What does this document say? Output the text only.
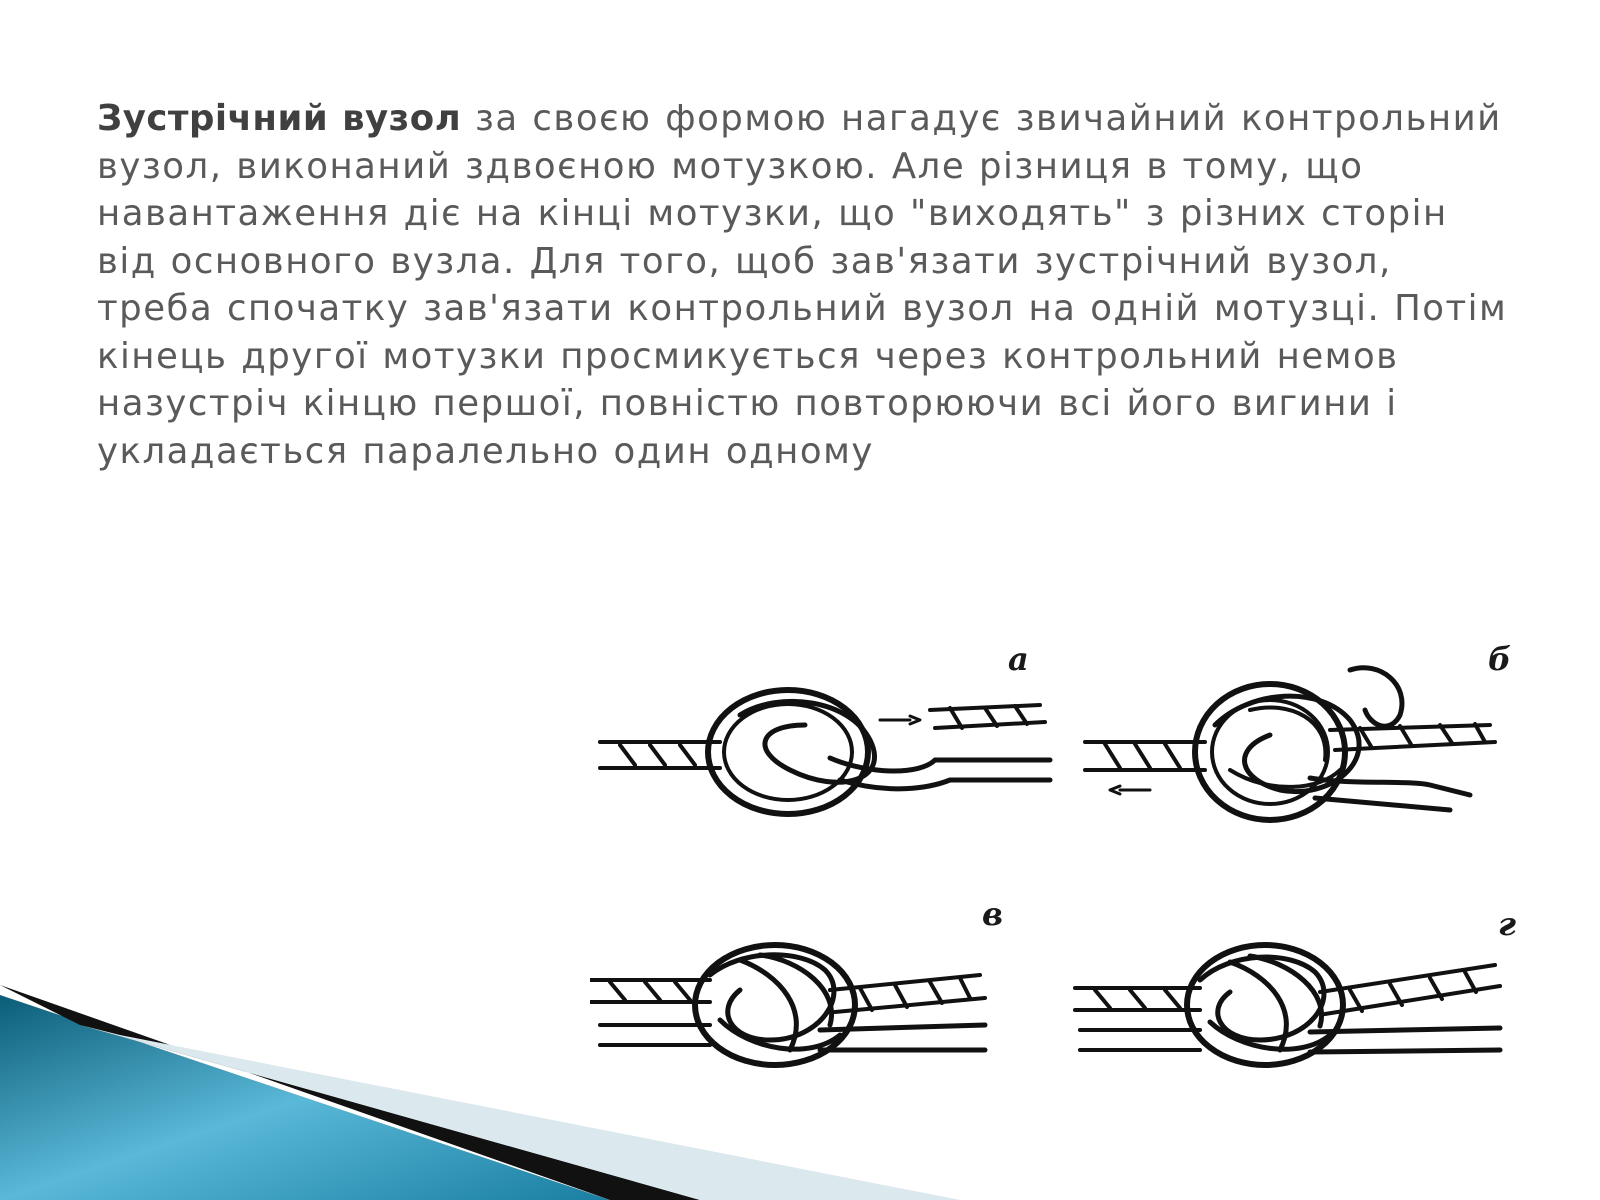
Зустрічний вузол за своєю формою нагадує звичайний контрольний вузол, виконаний здвоєною мотузкою. Але різниця в тому, що навантаження діє на кінці мотузки, що "виходять" з різних сторін від основного вузла. Для того, щоб зав'язати зустрічний вузол, треба спочатку зав'язати контрольний вузол на одній мотузці. Потім кінець другої мотузки просмикується через контрольний немов назустріч кінцю першої, повністю повторюючи всі його вигини і укладається паралельно один одному
а	б
в	г
